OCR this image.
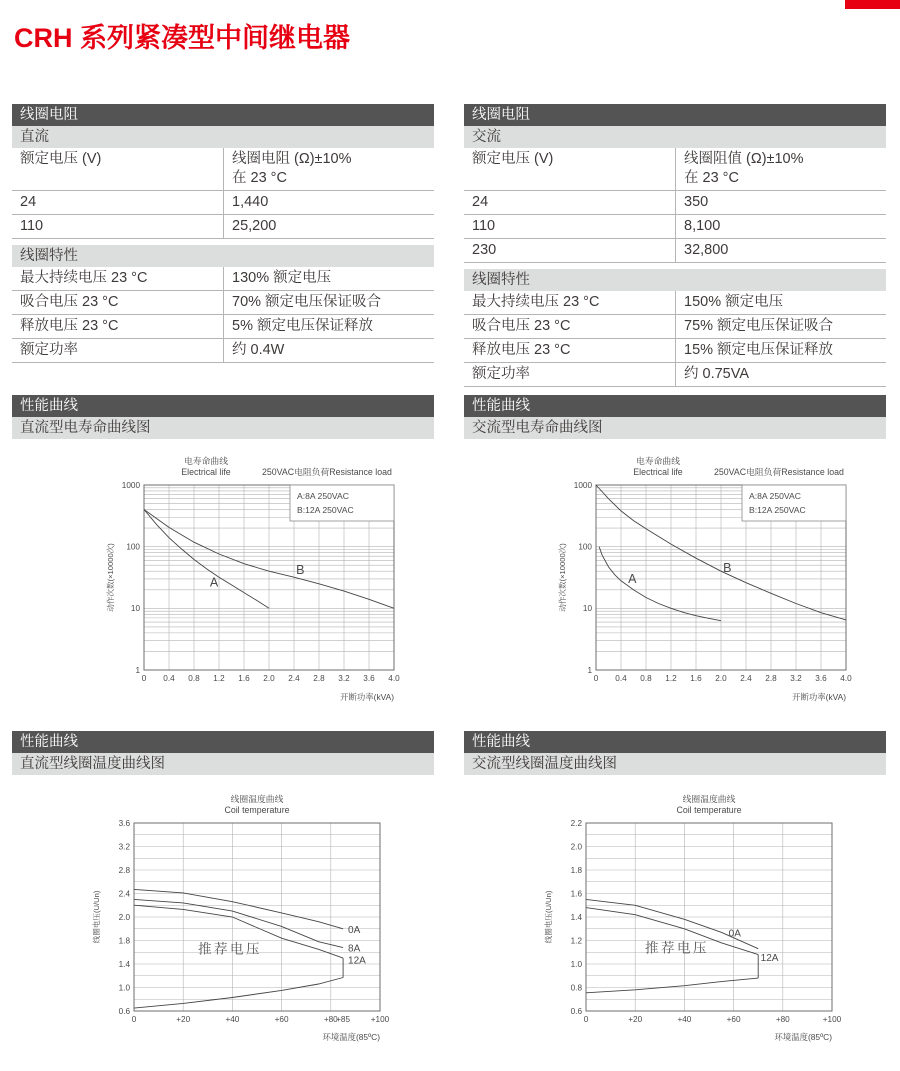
CRH 系列紧凑型中间继电器
线圈电阻
直流
额定电压 (V)	线圈电阻 (Ω)±10%
在 23 °C
24	1,440
110	25,200
线圈特性
最大持续电压 23 °C	130% 额定电压
吸合电压 23 °C	70% 额定电压保证吸合
释放电压 23 °C	5% 额定电压保证释放
额定功率	约 0.4W
线圈电阻
交流
额定电压 (V)	线圈阻值 (Ω)±10%
在 23 °C
24	350
110	8,100
230	32,800
线圈特性
最大持续电压 23 °C	150% 额定电压
吸合电压 23 °C	75% 额定电压保证吸合
释放电压 23 °C	15% 额定电压保证释放
额定功率	约 0.75VA
性能曲线
直流型电寿命曲线图
1000
100
10
1
0 0.4 0.8 1.2 1.6 2.0 2.4 2.8 3.2 3.6 4.0
电寿命曲线
Electrical life	250VAC电阻负荷Resistance load
A:8A 250VAC
B:12A 250VAC
开断功率(kVA)
动作次数(×10000次)	A
B
性能曲线
交流型电寿命曲线图
1000
100
10
1
0 0.4 0.8 1.2 1.6 2.0 2.4 2.8 3.2 3.6 4.0
电寿命曲线
Electrical life	250VAC电阻负荷Resistance load
A:8A 250VAC
B:12A 250VAC
开断功率(kVA)
动作次数(×10000次)	A
B
性能曲线
直流型线圈温度曲线图
3.6
3.2
2.8
2.4
2.0
1.8
1.4
1.0
0.6
0	+20	+40	+60	+80
+85	+100
线圈温度曲线
Coil temperature
环境温度(85ºC)
线圈电压(U/Un)	0A
8A
12A
推荐电压
性能曲线
交流型线圈温度曲线图
2.2
2.0
1.8
1.6
1.4
1.2
1.0
0.8
0.6
0	+20	+40	+60	+80	+100
线圈温度曲线
Coil temperature
环境温度(85ºC)
线圈电压(U/Un)	0A
12A
推荐电压
